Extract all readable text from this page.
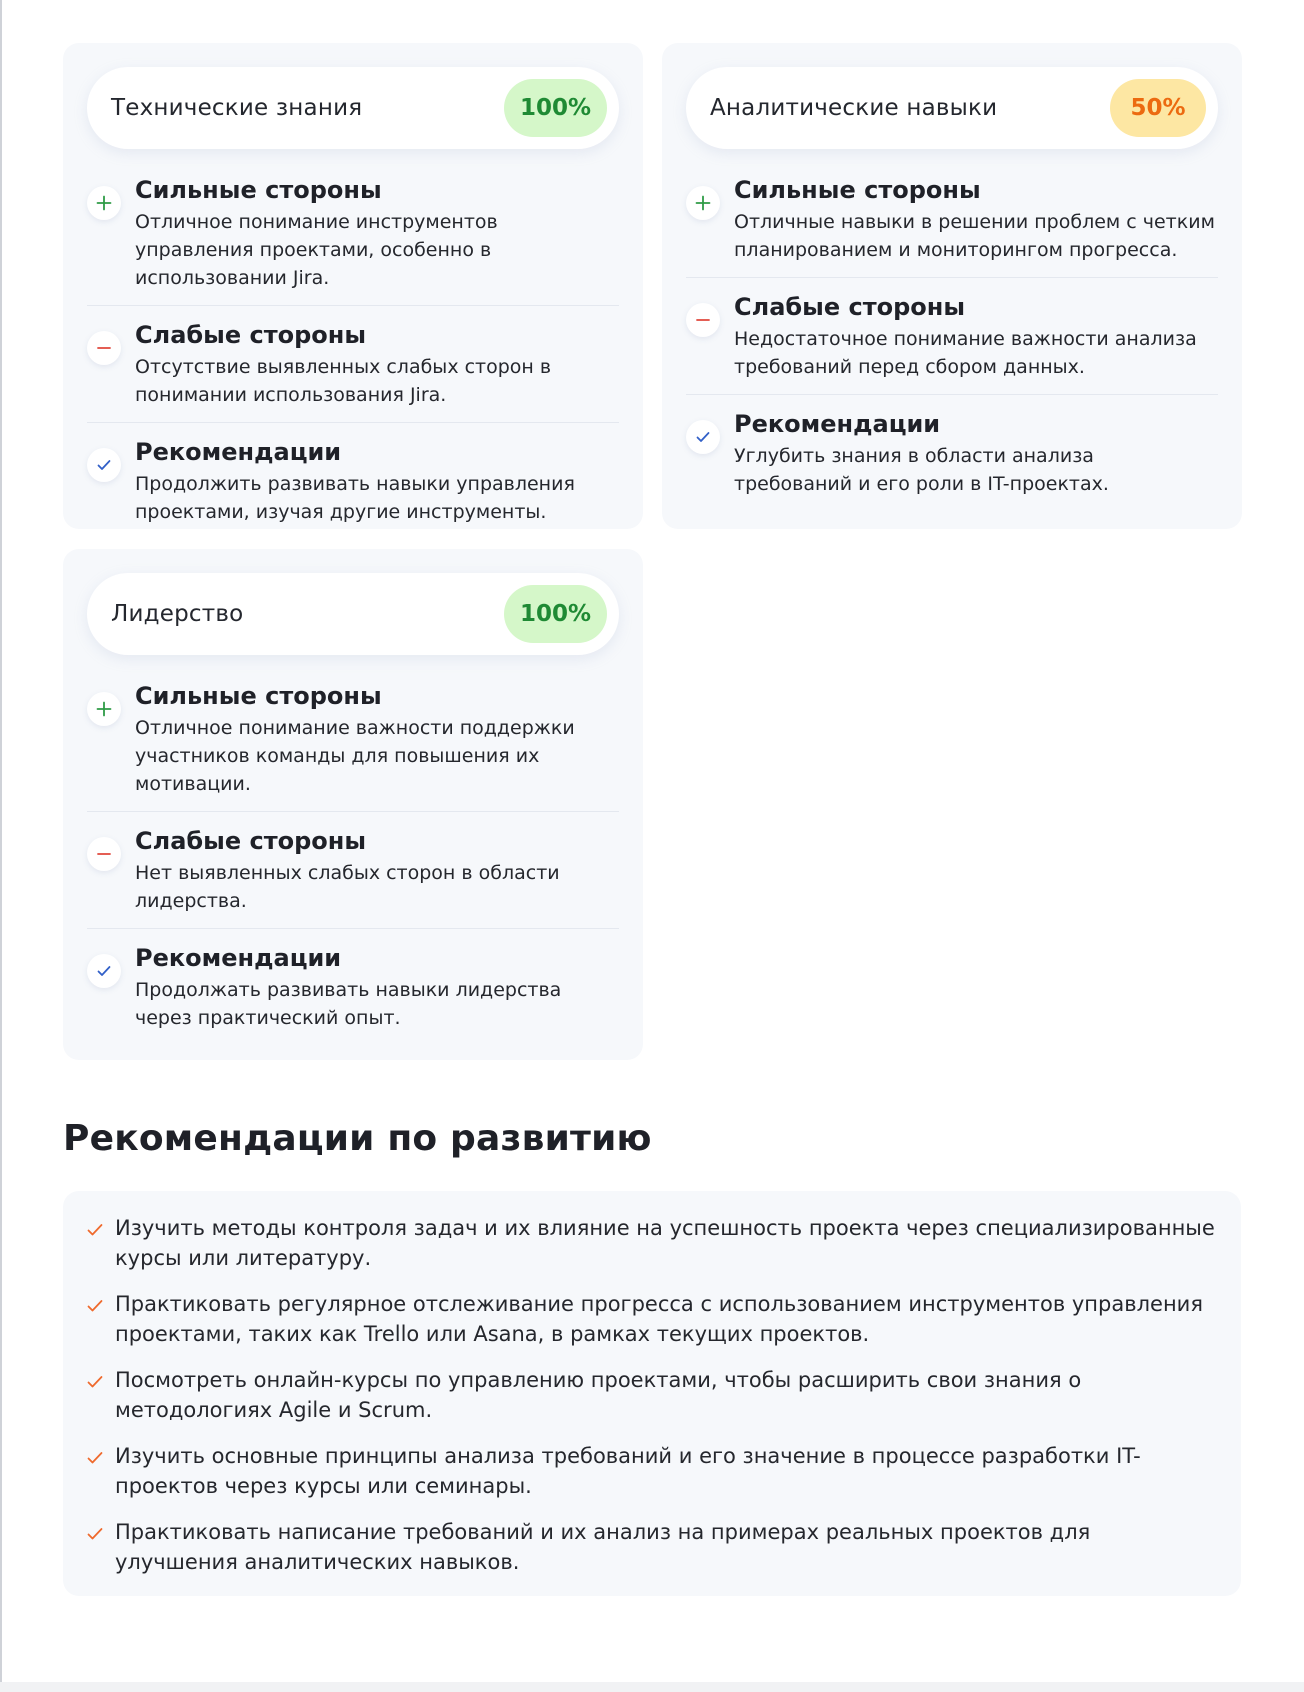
Технические знания	100%
Сильные стороны
Отличное понимание инструментов управления проектами, особенно в использовании Jira.
Слабые стороны
Отсутствие выявленных слабых сторон в понимании использования Jira.
Рекомендации
Продолжить развивать навыки управления проектами, изучая другие инструменты.
Аналитические навыки	50%
Сильные стороны
Отличные навыки в решении проблем с четким планированием и мониторингом прогресса.
Слабые стороны
Недостаточное понимание важности анализа требований перед сбором данных.
Рекомендации
Углубить знания в области анализа требований и его роли в IT-проектах.
Лидерство	100%
Сильные стороны
Отличное понимание важности поддержки участников команды для повышения их мотивации.
Слабые стороны
Нет выявленных слабых сторон в области лидерства.
Рекомендации
Продолжать развивать навыки лидерства через практический опыт.
Рекомендации по развитию
Изучить методы контроля задач и их влияние на успешность проекта через специализированные курсы или литературу.
Практиковать регулярное отслеживание прогресса с использованием инструментов управления проектами, таких как Trello или Asana, в рамках текущих проектов.
Посмотреть онлайн-курсы по управлению проектами, чтобы расширить свои знания о методологиях Agile и Scrum.
Изучить основные принципы анализа требований и его значение в процессе разработки IT-проектов через курсы или семинары.
Практиковать написание требований и их анализ на примерах реальных проектов для улучшения аналитических навыков.
